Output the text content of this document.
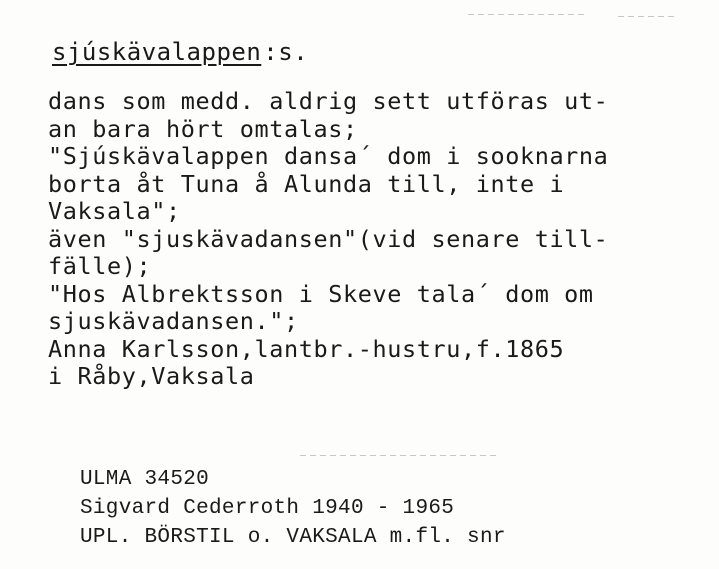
sjúskävalappen:s.
dans som medd. aldrig sett utföras ut-
an bara hört omtalas;
"Sjúskävalappen dansa´ dom i sooknarna
borta åt Tuna å Alunda till, inte i
Vaksala";
även "sjuskävadansen"(vid senare till-
fälle);
"Hos Albrektsson i Skeve tala´ dom om
sjuskävadansen.";
Anna Karlsson,lantbr.-hustru,f.1865
i Råby,Vaksala
ULMA 34520
Sigvard Cederroth 1940 - 1965
UPL. BÖRSTIL o. VAKSALA m.fl. snr
